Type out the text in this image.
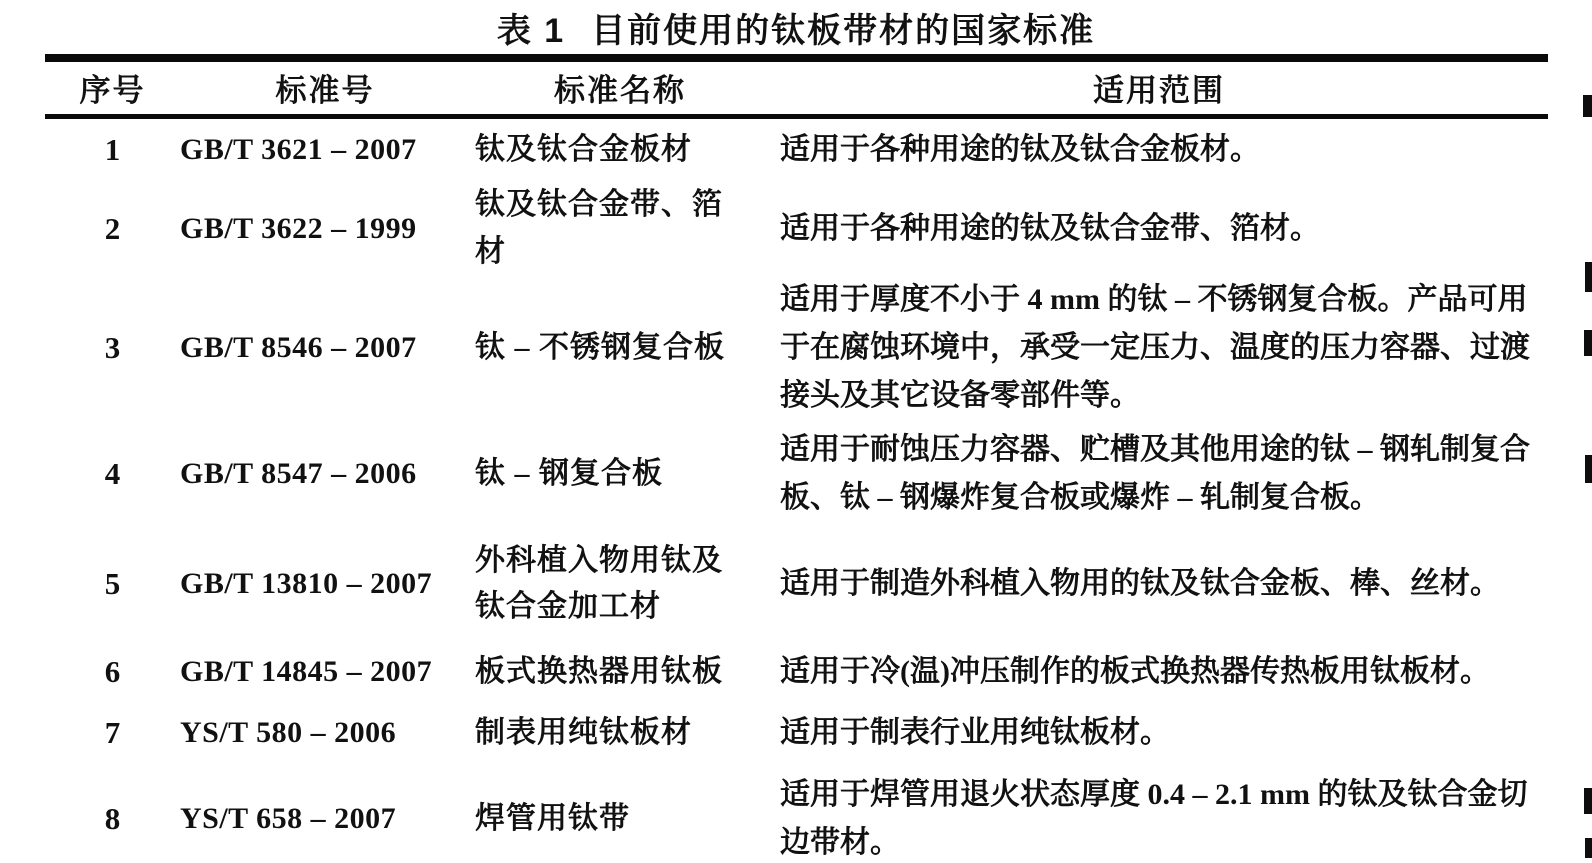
表 1 目前使用的钛板带材的国家标准
序号	标准号	标准名称	适用范围
1	GB/T 3621 – 2007	钛及钛合金板材	适用于各种用途的钛及钛合金板材。
2	GB/T 3622 – 1999	钛及钛合金带、箔材	适用于各种用途的钛及钛合金带、箔材。
3	GB/T 8546 – 2007	钛 – 不锈钢复合板	适用于厚度不小于 4 mm 的钛 – 不锈钢复合板。产品可用于在腐蚀环境中，承受一定压力、温度的压力容器、过渡接头及其它设备零部件等。
4	GB/T 8547 – 2006	钛 – 钢复合板	适用于耐蚀压力容器、贮槽及其他用途的钛 – 钢轧制复合板、钛 – 钢爆炸复合板或爆炸 – 轧制复合板。
5	GB/T 13810 – 2007	外科植入物用钛及钛合金加工材	适用于制造外科植入物用的钛及钛合金板、棒、丝材。
6	GB/T 14845 – 2007	板式换热器用钛板	适用于冷(温)冲压制作的板式换热器传热板用钛板材。
7	YS/T 580 – 2006	制表用纯钛板材	适用于制表行业用纯钛板材。
8	YS/T 658 – 2007	焊管用钛带	适用于焊管用退火状态厚度 0.4 – 2.1 mm 的钛及钛合金切边带材。
